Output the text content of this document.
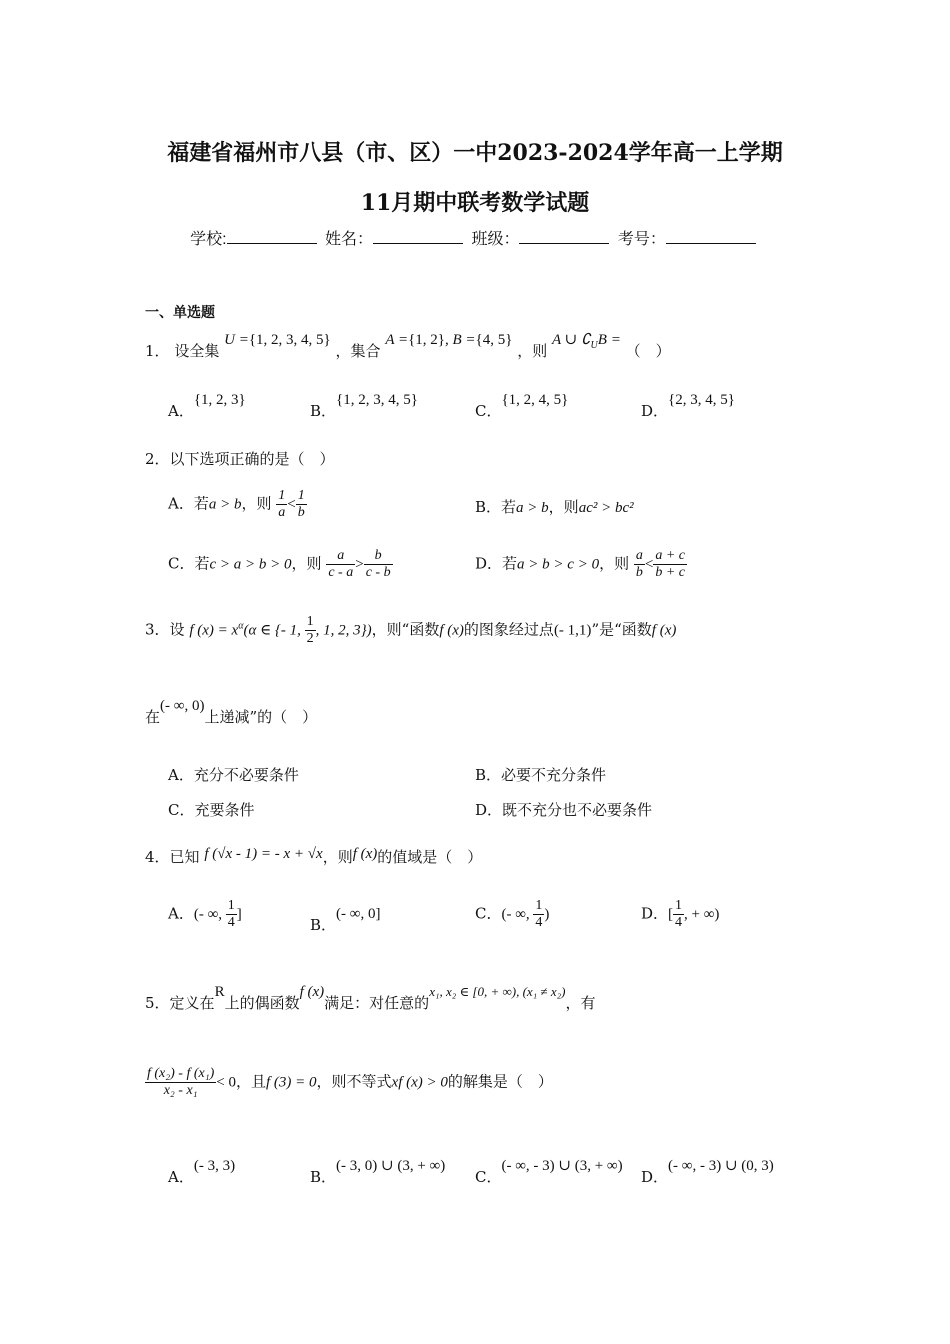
福建省福州市八县（市、区）一中2023-2024学年高一上学期
11月期中联考数学试题
学校:	姓名：	班级：	考号：
一、单选题
1． 设全集 U ={1, 2, 3, 4, 5} ，集合 A ={1, 2}, B ={4, 5} ，则 A ∪ $∁_UB$ = （　）
A．{1, 2, 3}
B．{1, 2, 3, 4, 5}
C．{1, 2, 4, 5}
D．{2, 3, 4, 5}
2．以下选项正确的是（　）
A．若a > b，则 $\frac{1}{a} < \frac{1}{b}$	B．若a > b，则ac² > bc²
C．若c > a > b > 0，则 $\frac{a}{c - a} > \frac{b}{c - b}$	D．若a > b > c > 0，则 $\frac{a}{b} < \frac{a + c}{b + c}$
3．设 f $(x) = x^\alpha(\alpha$ ∈ {- 1, $\frac{1}{2}$ , 1, 2, 3})，则“函数f (x)的图象经过点(- 1,1)”是“函数f (x)
在(- ∞, 0)上递减”的（　）
A．充分不必要条件	B．必要不充分条件
C．充要条件	D．既不充分也不必要条件
4．已知 f (√x - 1) = - x + √x，则f (x)的值域是（　）
A．(- ∞, $\frac{1}{4}$ ]
B．(- ∞, 0]	C．(- ∞, $\frac{1}{4}$ )	D．[ $\frac{1}{4}$ , + ∞)
5．定义在R上的偶函数f (x)满足：对任意的x₁, x₂ ∈ [0, + ∞), (x₁ ≠ x₂)，有
$\frac{\text{f (x₂) - f (x₁)}}{\text{x₂ - x₁}} < 0$，且f (3) = 0，则不等式xf (x) > 0的解集是（　）
A．(- 3, 3)
B．(- 3, 0) ∪ (3, + ∞)
C．(- ∞, - 3) ∪ (3, + ∞)
D．(- ∞, - 3) ∪ (0, 3)
